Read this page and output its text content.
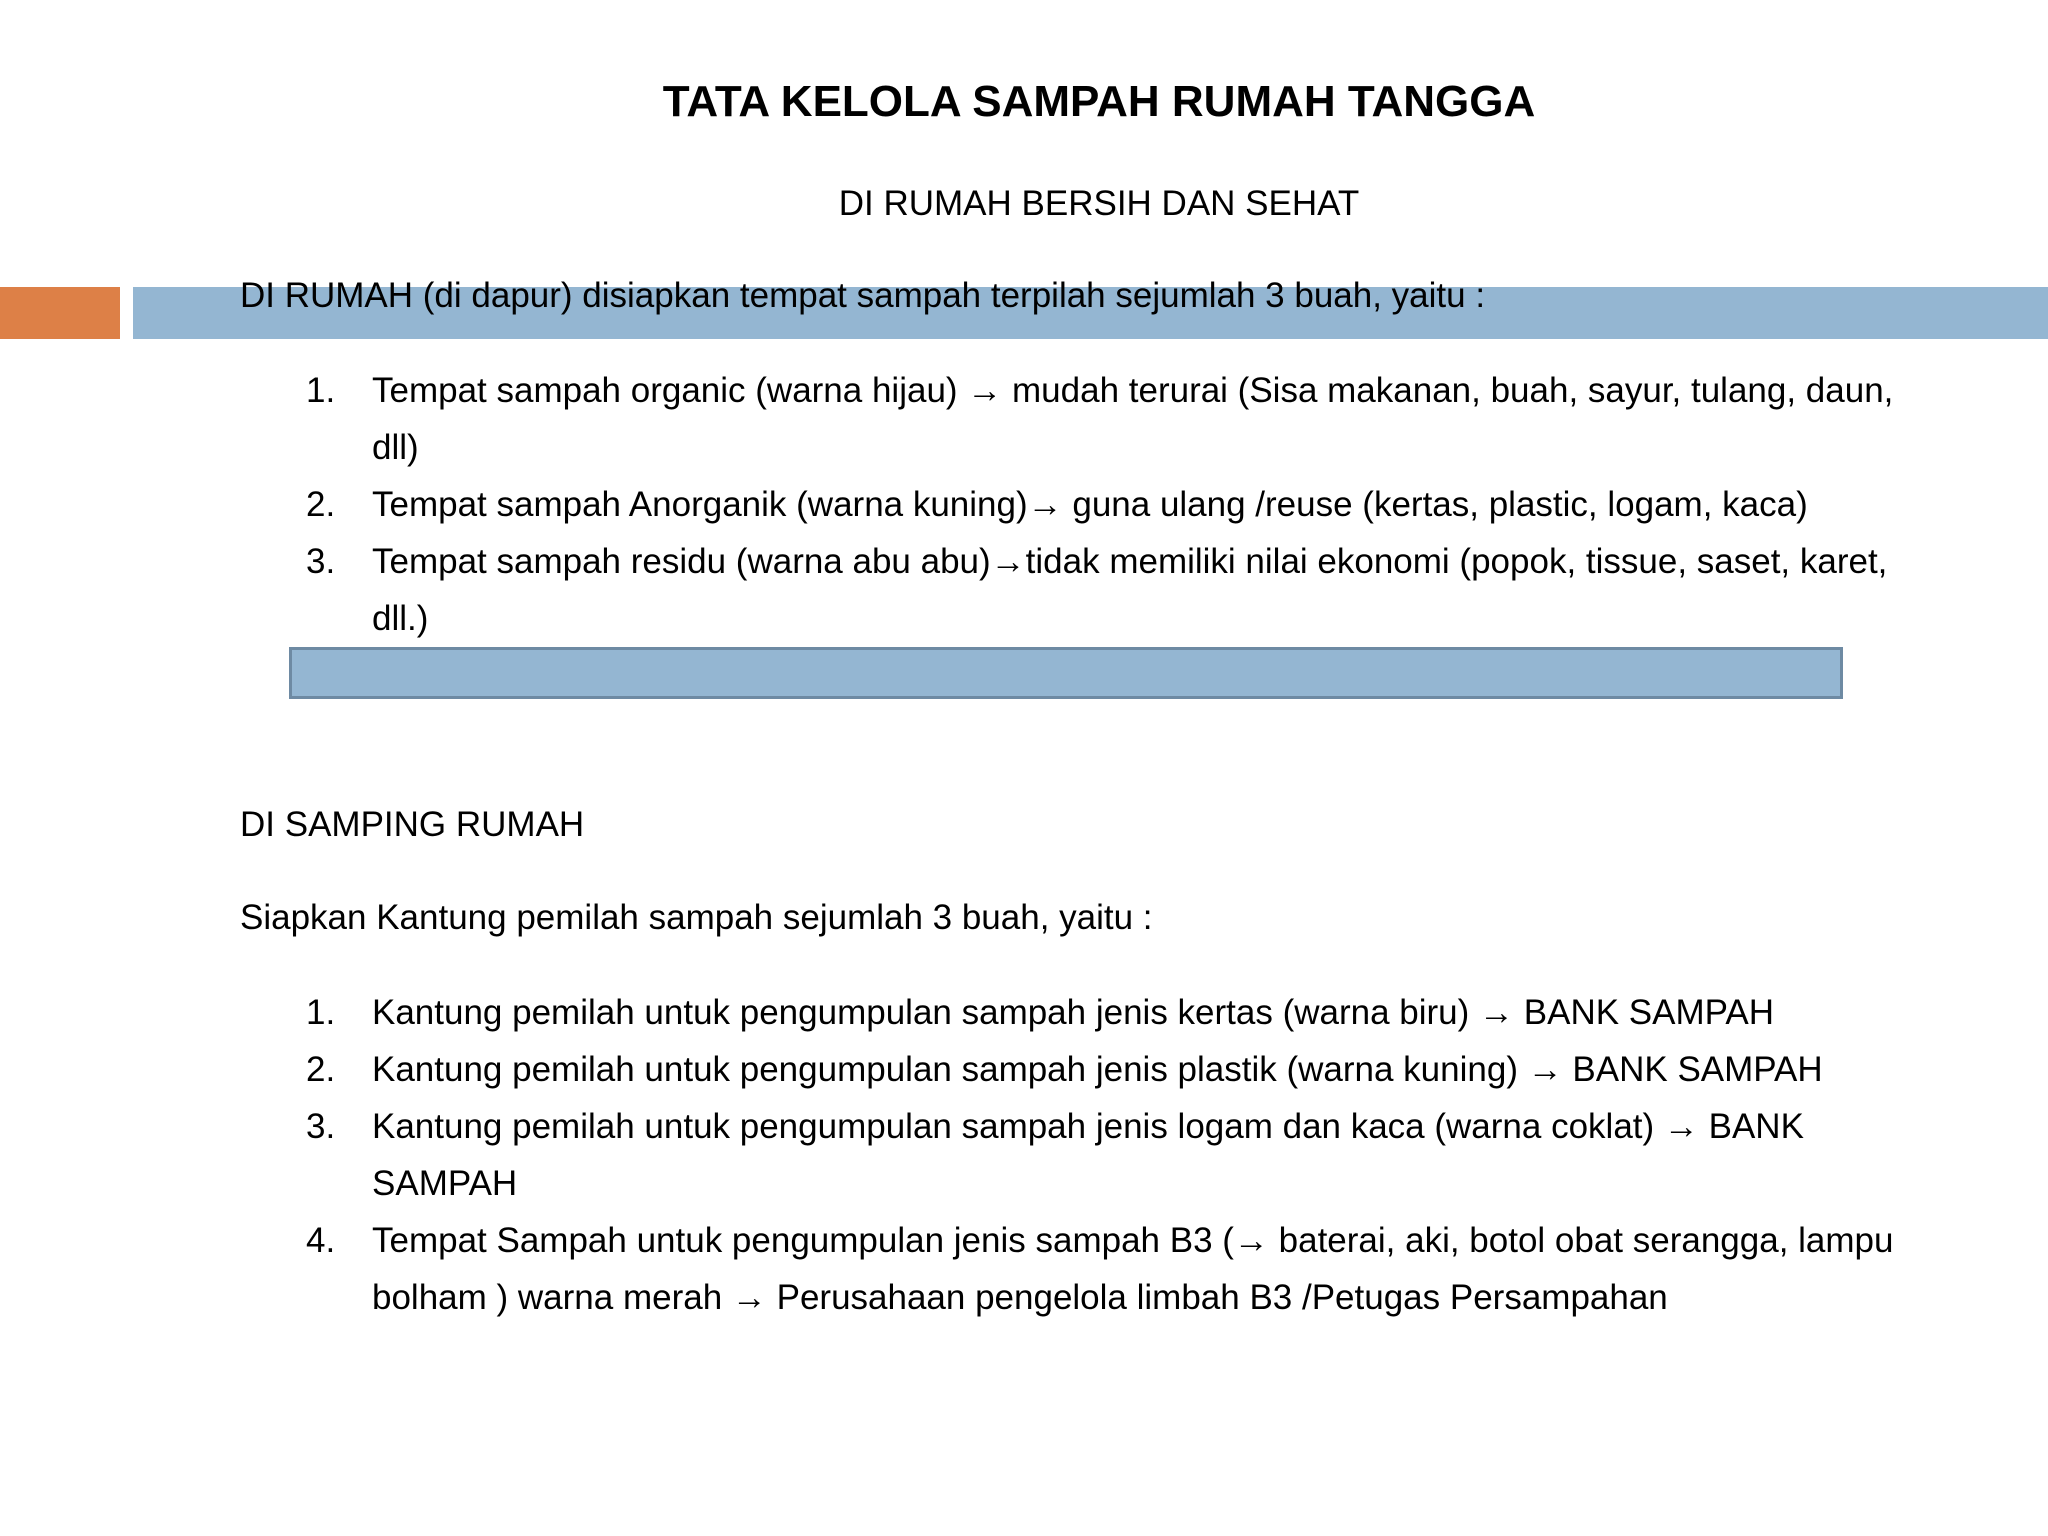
TATA KELOLA SAMPAH RUMAH TANGGA
DI RUMAH BERSIH DAN SEHAT
DI RUMAH (di dapur) disiapkan tempat sampah terpilah sejumlah 3 buah, yaitu :
1. Tempat sampah organic (warna hijau) → mudah terurai (Sisa makanan, buah, sayur, tulang, daun, dll)
2. Tempat sampah Anorganik (warna kuning)→ guna ulang /reuse (kertas, plastic, logam, kaca)
3. Tempat sampah residu (warna abu abu)→tidak memiliki nilai ekonomi (popok, tissue, saset, karet, dll.)
DI SAMPING RUMAH
Siapkan Kantung pemilah sampah sejumlah 3 buah, yaitu :
1. Kantung pemilah untuk pengumpulan sampah jenis kertas (warna biru) → BANK SAMPAH
2. Kantung pemilah untuk pengumpulan sampah jenis plastik (warna kuning) → BANK SAMPAH
3. Kantung pemilah untuk pengumpulan sampah jenis logam dan kaca (warna coklat) → BANK SAMPAH
4. Tempat Sampah untuk pengumpulan jenis sampah B3 (→ baterai, aki, botol obat serangga, lampu bolham ) warna merah → Perusahaan pengelola limbah B3 /Petugas Persampahan
